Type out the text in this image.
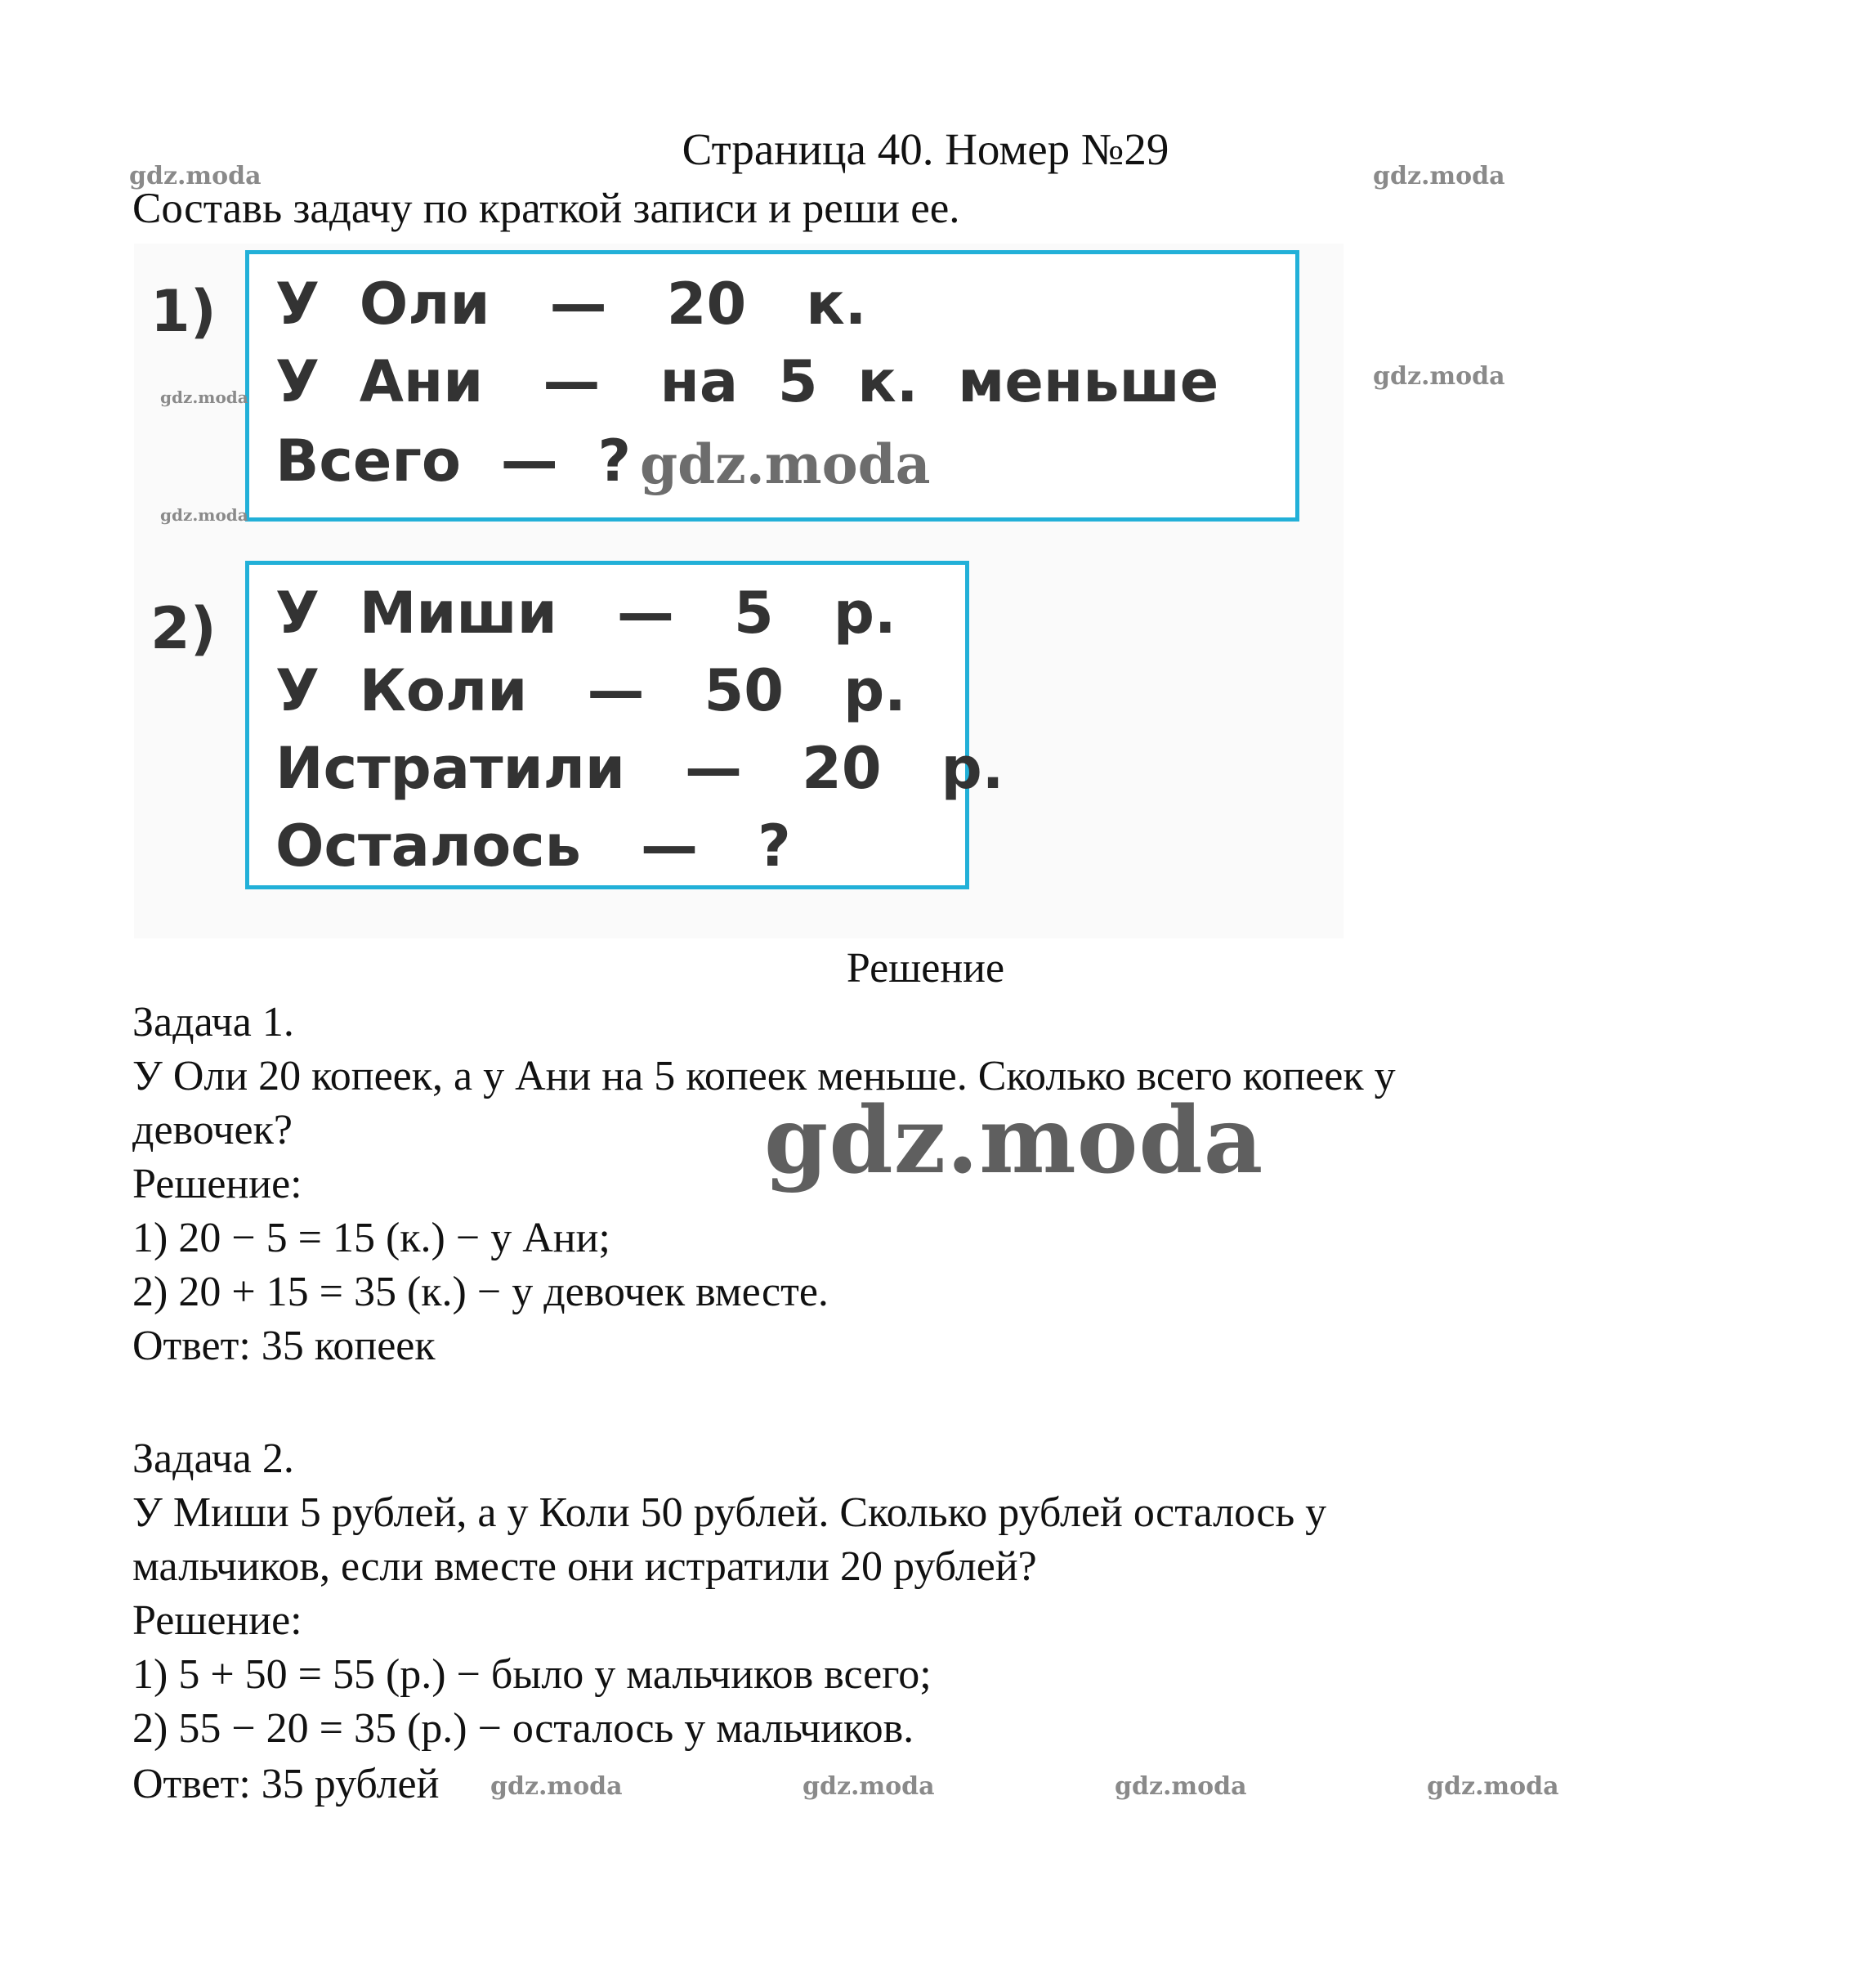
Страница 40. Номер №29
Составь задачу по краткой записи и реши ее.
gdz.moda	gdz.moda
gdz.moda
gdz.moda
gdz.moda
1) У  Оли   —   20   к.
У  Ани   —   на  5  к.  меньше
Всего  —  ? gdz.moda
2) У  Миши   —   5   р.
У  Коли   —   50   р.
Истратили   —   20   р.
Осталось   —   ?
Решение
Задача 1.
У Оли 20 копеек, а у Ани на 5 копеек меньше. Сколько всего копеек у
девочек?
Решение:
1) 20 − 5 = 15 (к.) − у Ани;
2) 20 + 15 = 35 (к.) − у девочек вместе.
Ответ: 35 копеек
gdz.moda
Задача 2.
У Миши 5 рублей, а у Коли 50 рублей. Сколько рублей осталось у
мальчиков, если вместе они истратили 20 рублей?
Решение:
1) 5 + 50 = 55 (р.) − было у мальчиков всего;
2) 55 − 20 = 35 (р.) − осталось у мальчиков.
Ответ: 35 рублей gdz.moda	gdz.moda	gdz.moda	gdz.moda
